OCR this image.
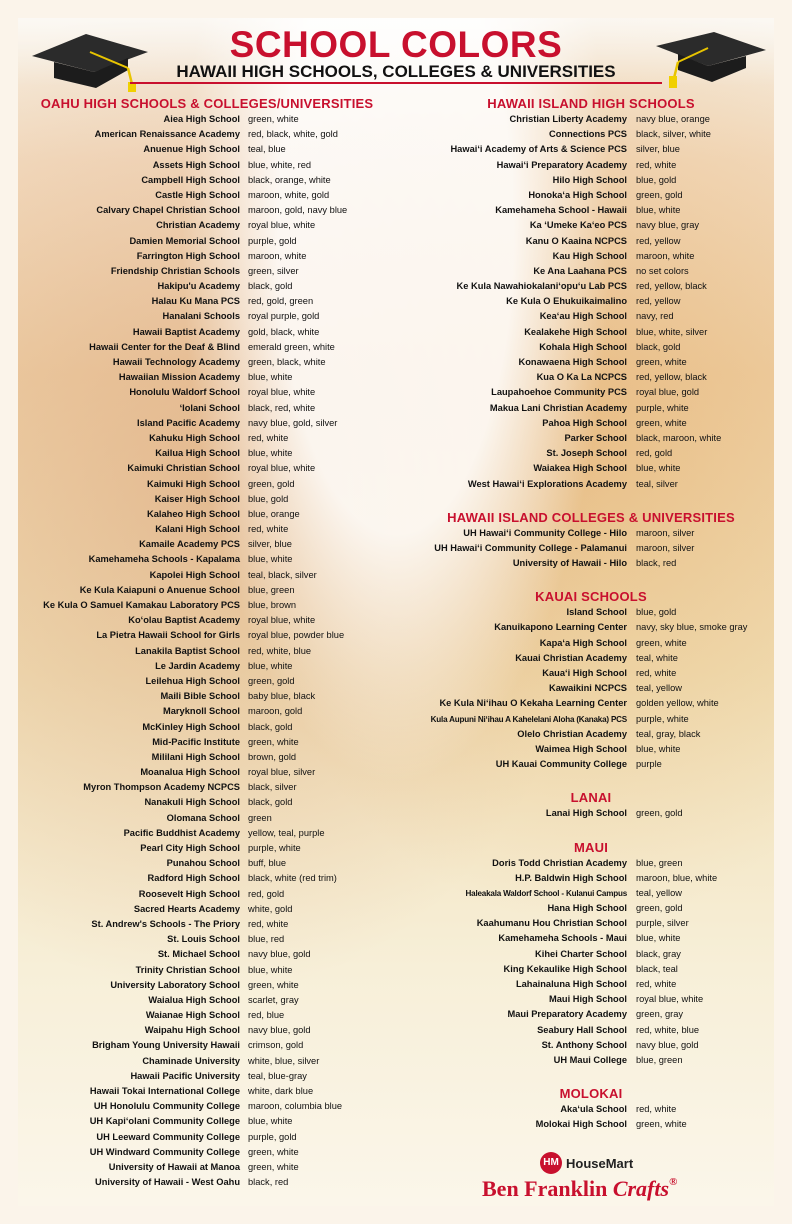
SCHOOL COLORS
HAWAII HIGH SCHOOLS, COLLEGES & UNIVERSITIES
OAHU HIGH SCHOOLS & COLLEGES/UNIVERSITIES
Aiea High School green, white
American Renaissance Academy red, black, white, gold
Anuenue High School teal, blue
Assets High School blue, white, red
Campbell High School black, orange, white
Castle High School maroon, white, gold
Calvary Chapel Christian School maroon, gold, navy blue
Christian Academy royal blue, white
Damien Memorial School purple, gold
Farrington High School maroon, white
Friendship Christian Schools green, silver
Hakipu'u Academy black, gold
Halau Ku Mana PCS red, gold, green
Hanalani Schools royal purple, gold
Hawaii Baptist Academy gold, black, white
Hawaii Center for the Deaf & Blind emerald green, white
Hawaii Technology Academy green, black, white
Hawaiian Mission Academy blue, white
Honolulu Waldorf School royal blue, white
‘Iolani School black, red, white
Island Pacific Academy navy blue, gold, silver
Kahuku High School red, white
Kailua High School blue, white
Kaimuki Christian School royal blue, white
Kaimuki High School green, gold
Kaiser High School blue, gold
Kalaheo High School blue, orange
Kalani High School red, white
Kamaile Academy PCS silver, blue
Kamehameha Schools - Kapalama blue, white
Kapolei High School teal, black, silver
Ke Kula Kaiapuni o Anuenue School blue, green
Ke Kula O Samuel Kamakau Laboratory PCS blue, brown
Ko‘olau Baptist Academy royal blue, white
La Pietra Hawaii School for Girls royal blue, powder blue
Lanakila Baptist School red, white, blue
Le Jardin Academy blue, white
Leilehua High School green, gold
Maili Bible School baby blue, black
Maryknoll School maroon, gold
McKinley High School black, gold
Mid-Pacific Institute green, white
Mililani High School brown, gold
Moanalua High School royal blue, silver
Myron Thompson Academy NCPCS black, silver
Nanakuli High School black, gold
Olomana School green
Pacific Buddhist Academy yellow, teal, purple
Pearl City High School purple, white
Punahou School buff, blue
Radford High School black, white (red trim)
Roosevelt High School red, gold
Sacred Hearts Academy white, gold
St. Andrew's Schools - The Priory red, white
St. Louis School blue, red
St. Michael School navy blue, gold
Trinity Christian School blue, white
University Laboratory School green, white
Waialua High School scarlet, gray
Waianae High School red, blue
Waipahu High School navy blue, gold
Brigham Young University Hawaii crimson, gold
Chaminade University white, blue, silver
Hawaii Pacific University teal, blue-gray
Hawaii Tokai International College white, dark blue
UH Honolulu Community College maroon, columbia blue
UH Kapi‘olani Community College blue, white
UH Leeward Community College purple, gold
UH Windward Community College green, white
University of Hawaii at Manoa green, white
University of Hawaii - West Oahu black, red
HAWAII ISLAND HIGH SCHOOLS
Christian Liberty Academy navy blue, orange
Connections PCS black, silver, white
Hawai‘i Academy of Arts & Science PCS silver, blue
Hawai‘i Preparatory Academy red, white
Hilo High School blue, gold
Honoka‘a High School green, gold
Kamehameha School - Hawaii blue, white
Ka ‘Umeke Ka‘eo PCS navy blue, gray
Kanu O Kaaina NCPCS red, yellow
Kau High School maroon, white
Ke Ana Laahana PCS no set colors
Ke Kula Nawahiokalani‘opu‘u Lab PCS red, yellow, black
Ke Kula O Ehukuikaimalino red, yellow
Kea‘au High School navy, red
Kealakehe High School blue, white, silver
Kohala High School black, gold
Konawaena High School green, white
Kua O Ka La NCPCS red, yellow, black
Laupahoehoe Community PCS royal blue, gold
Makua Lani Christian Academy purple, white
Pahoa High School green, white
Parker School black, maroon, white
St. Joseph School red, gold
Waiakea High School blue, white
West Hawai‘i Explorations Academy teal, silver
HAWAII ISLAND COLLEGES & UNIVERSITIES
UH Hawai‘i Community College - Hilo maroon, silver
UH Hawai‘i Community College - Palamanui maroon, silver
University of Hawaii - Hilo black, red
KAUAI SCHOOLS
Island School blue, gold
Kanuikapono Learning Center navy, sky blue, smoke gray
Kapa‘a High School green, white
Kauai Christian Academy teal, white
Kaua‘i High School red, white
Kawaikini NCPCS teal, yellow
Ke Kula Ni‘ihau O Kekaha Learning Center golden yellow, white
Kula Aupuni Ni‘ihau A Kahelelani Aloha (Kanaka) PCS purple, white
Olelo Christian Academy teal, gray, black
Waimea High School blue, white
UH Kauai Community College purple
LANAI
Lanai High School green, gold
MAUI
Doris Todd Christian Academy blue, green
H.P. Baldwin High School maroon, blue, white
Haleakala Waldorf School - Kulanui Campus teal, yellow
Hana High School green, gold
Kaahumanu Hou Christian School purple, silver
Kamehameha Schools - Maui blue, white
Kihei Charter School black, gray
King Kekaulike High School black, teal
Lahainaluna High School red, white
Maui High School royal blue, white
Maui Preparatory Academy green, gray
Seabury Hall School red, white, blue
St. Anthony School navy blue, gold
UH Maui College blue, green
MOLOKAI
Aka‘ula School red, white
Molokai High School green, white
HM HouseMart
Ben Franklin Crafts®
